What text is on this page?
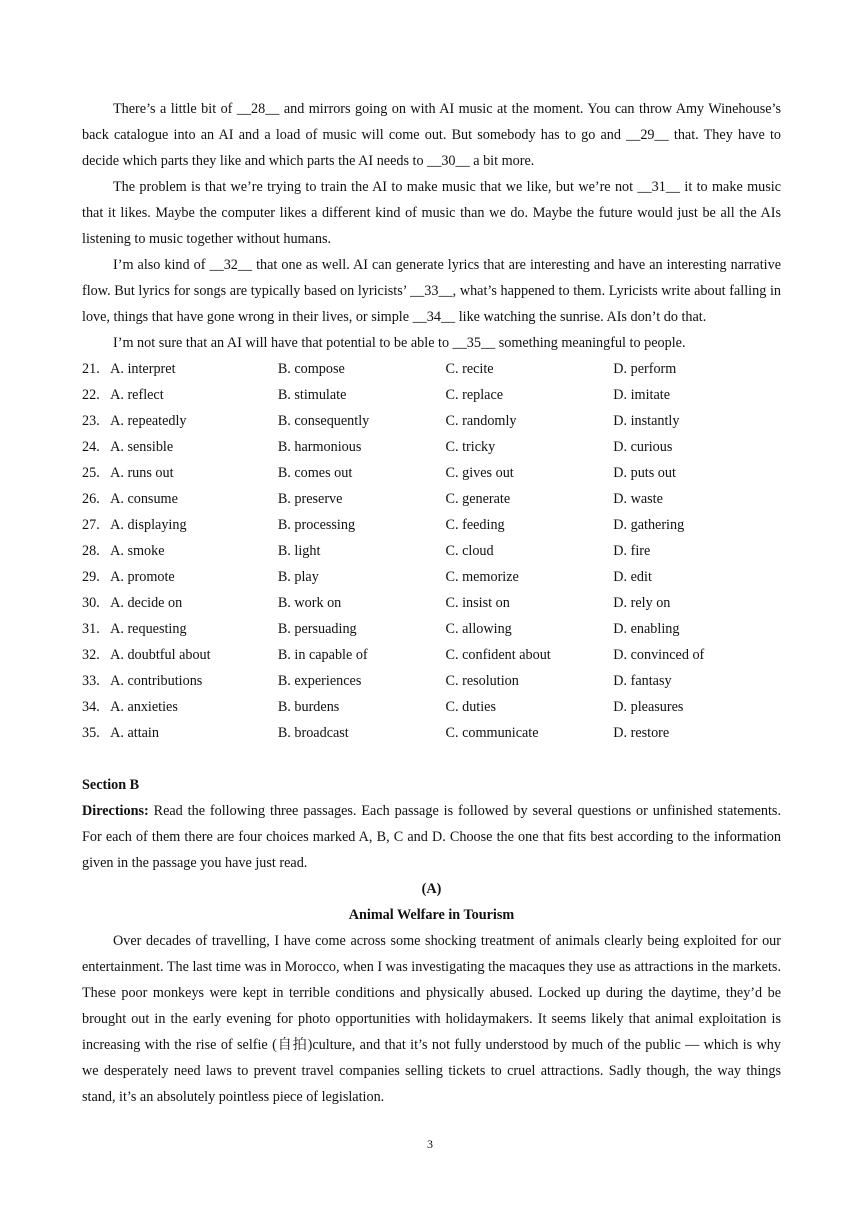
There’s a little bit of __28__ and mirrors going on with AI music at the moment. You can throw Amy Winehouse’s back catalogue into an AI and a load of music will come out. But somebody has to go and __29__ that. They have to decide which parts they like and which parts the AI needs to __30__ a bit more.

The problem is that we’re trying to train the AI to make music that we like, but we’re not __31__ it to make music that it likes. Maybe the computer likes a different kind of music than we do. Maybe the future would just be all the AIs listening to music together without humans.

I’m also kind of __32__ that one as well. AI can generate lyrics that are interesting and have an interesting narrative flow. But lyrics for songs are typically based on lyricists’ __33__, what’s happened to them. Lyricists write about falling in love, things that have gone wrong in their lives, or simple __34__ like watching the sunrise. AIs don’t do that.

I’m not sure that an AI will have that potential to be able to __35__ something meaningful to people.

21. A. interpret	B. compose	C. recite	D. perform
22. A. reflect	B. stimulate	C. replace	D. imitate
23. A. repeatedly	B. consequently	C. randomly	D. instantly
24. A. sensible	B. harmonious	C. tricky	D. curious
25. A. runs out	B. comes out	C. gives out	D. puts out
26. A. consume	B. preserve	C. generate	D. waste
27. A. displaying	B. processing	C. feeding	D. gathering
28. A. smoke	B. light	C. cloud	D. fire
29. A. promote	B. play	C. memorize	D. edit
30. A. decide on	B. work on	C. insist on	D. rely on
31. A. requesting	B. persuading	C. allowing	D. enabling
32. A. doubtful about	B. in capable of	C. confident about	D. convinced of
33. A. contributions	B. experiences	C. resolution	D. fantasy
34. A. anxieties	B. burdens	C. duties	D. pleasures
35. A. attain	B. broadcast	C. communicate	D. restore
Section B

Directions: Read the following three passages. Each passage is followed by several questions or unfinished statements. For each of them there are four choices marked A, B, C and D. Choose the one that fits best according to the information given in the passage you have just read.

(A)
Animal Welfare in Tourism

Over decades of travelling, I have come across some shocking treatment of animals clearly being exploited for our entertainment. The last time was in Morocco, when I was investigating the macaques they use as attractions in the markets. These poor monkeys were kept in terrible conditions and physically abused. Locked up during the daytime, they’d be brought out in the early evening for photo opportunities with holidaymakers. It seems likely that animal exploitation is increasing with the rise of selfie (自拍)culture, and that it’s not fully understood by much of the public — which is why we desperately need laws to prevent travel companies selling tickets to cruel attractions. Sadly though, the way things stand, it’s an absolutely pointless piece of legislation.

3
